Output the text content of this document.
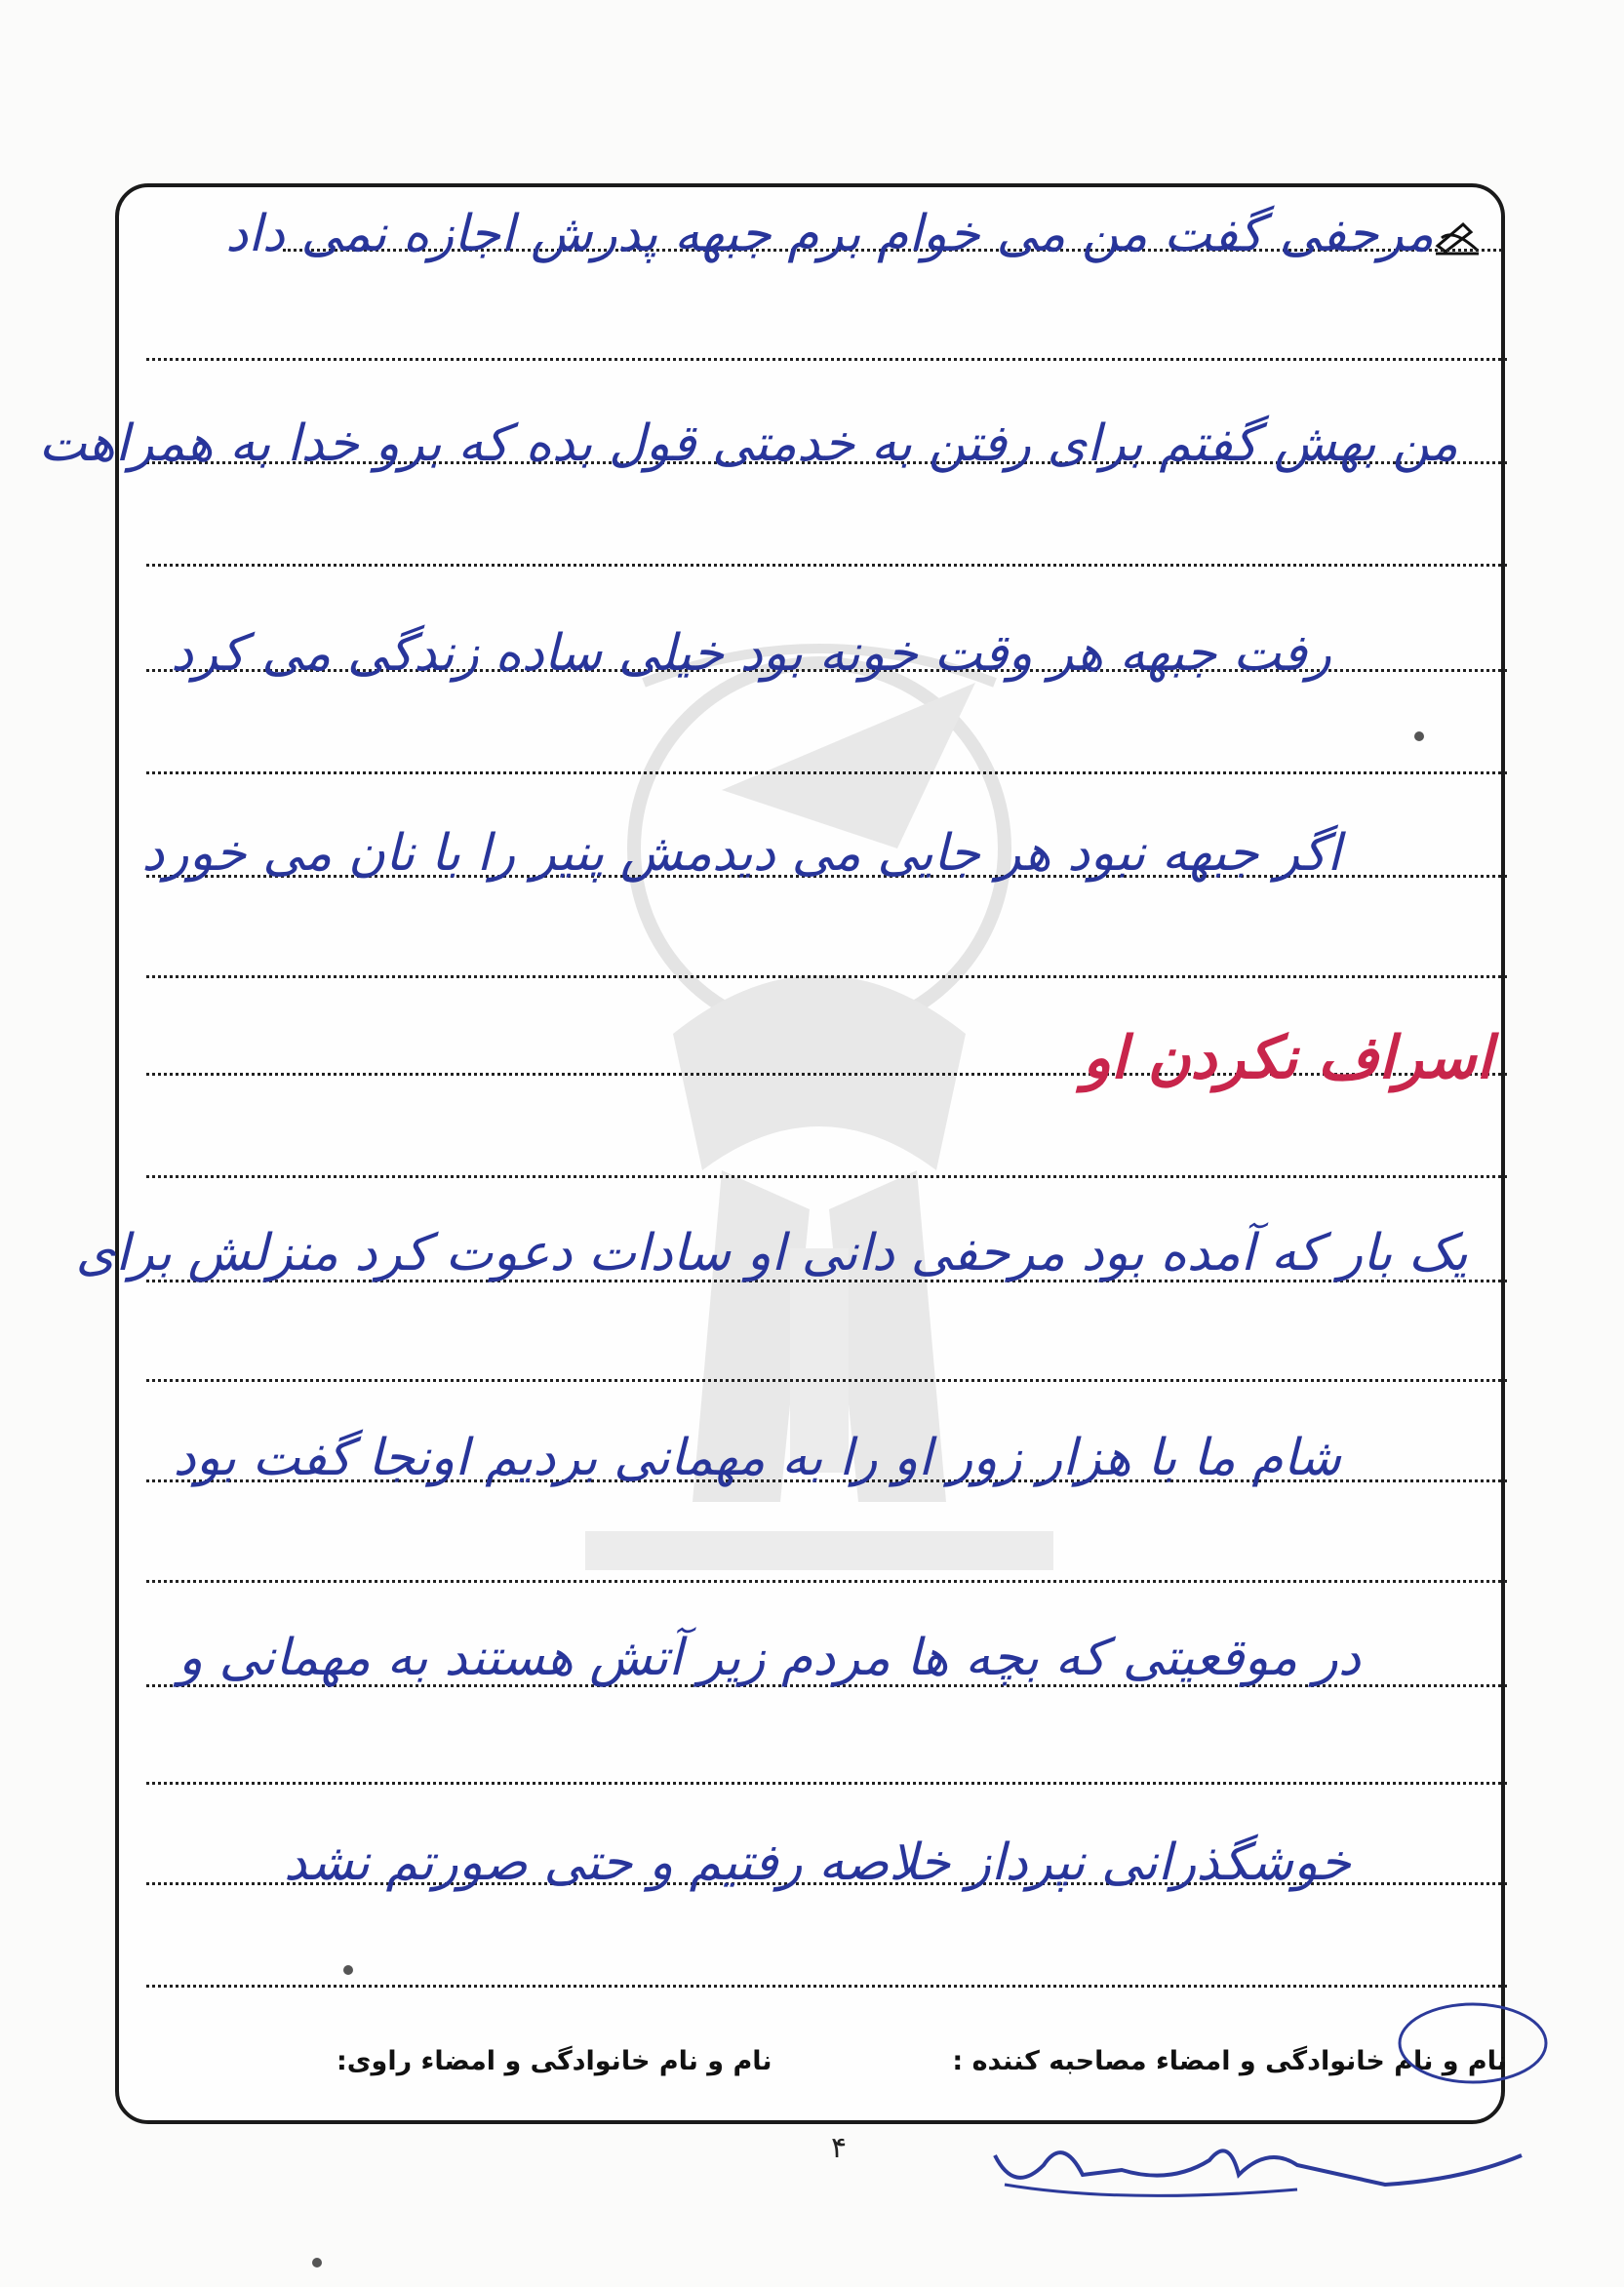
مرحفی گفت من می خوام برم جبهه پدرش اجازه نمی داد
من بهش گفتم برای رفتن به خدمتی قول بده که برو خدا به همراهت
رفت جبهه هر وقت خونه بود خیلی ساده زندگی می کرد
اگر جبهه نبود هر جایی می دیدمش پنیر را با نان می خورد
اسراف نکردن او
یک بار که آمده بود مرحفی دانی او سادات دعوت کرد منزلش برای
شام ما با هزار زور او را به مهمانی بردیم اونجا گفت بود
در موقعیتی که بچه ها مردم زیر آتش هستند به مهمانی و
خوشگذرانی نپرداز خلاصه رفتیم و حتی صورتم نشد
نام و نام خانوادگی و امضاء مصاحبه کننده :
نام و نام خانوادگی و امضاء راوی:
۴
